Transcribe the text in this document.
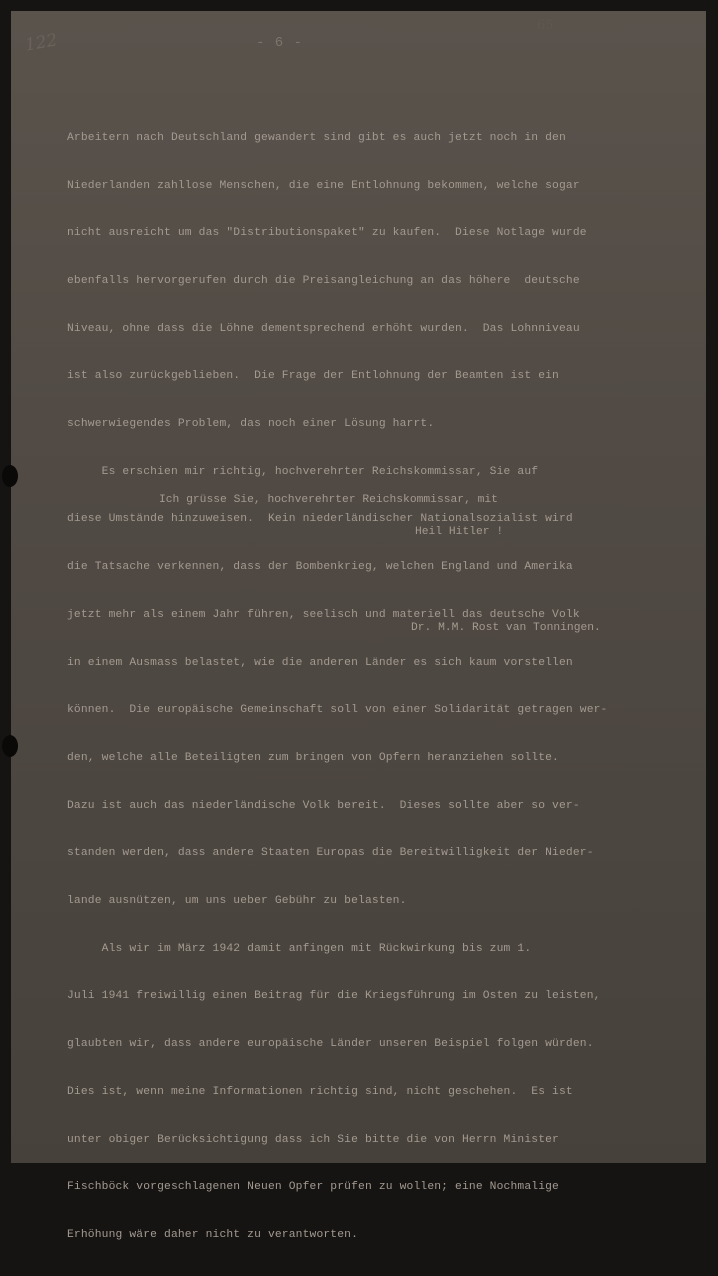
- 6 -
122
65

Arbeitern nach Deutschland gewandert sind gibt es auch jetzt noch in den

Niederlanden zahllose Menschen, die eine Entlohnung bekommen, welche sogar

nicht ausreicht um das "Distributionspaket" zu kaufen.  Diese Notlage wurde

ebenfalls hervorgerufen durch die Preisangleichung an das höhere  deutsche

Niveau, ohne dass die Löhne dementsprechend erhöht wurden.  Das Lohnniveau

ist also zurückgeblieben.  Die Frage der Entlohnung der Beamten ist ein

schwerwiegendes Problem, das noch einer Lösung harrt.

Es erschien mir richtig, hochverehrter Reichskommissar, Sie auf

diese Umstände hinzuweisen.  Kein niederländischer Nationalsozialist wird

die Tatsache verkennen, dass der Bombenkrieg, welchen England und Amerika

jetzt mehr als einem Jahr führen, seelisch und materiell das deutsche Volk

in einem Ausmass belastet, wie die anderen Länder es sich kaum vorstellen

können.  Die europäische Gemeinschaft soll von einer Solidarität getragen wer-

den, welche alle Beteiligten zum bringen von Opfern heranziehen sollte.

Dazu ist auch das niederländische Volk bereit.  Dieses sollte aber so ver-

standen werden, dass andere Staaten Europas die Bereitwilligkeit der Nieder-

lande ausnützen, um uns ueber Gebühr zu belasten.

Als wir im März 1942 damit anfingen mit Rückwirkung bis zum 1.

Juli 1941 freiwillig einen Beitrag für die Kriegsführung im Osten zu leisten,

glaubten wir, dass andere europäische Länder unseren Beispiel folgen würden.

Dies ist, wenn meine Informationen richtig sind, nicht geschehen.  Es ist

unter obiger Berücksichtigung dass ich Sie bitte die von Herrn Minister

Fischböck vorgeschlagenen Neuen Opfer prüfen zu wollen; eine Nochmalige

Erhöhung wäre daher nicht zu verantworten.

Ich grüsse Sie, hochverehrter Reichskommissar, mit
Heil Hitler !
Dr. M.M. Rost van Tonningen.
